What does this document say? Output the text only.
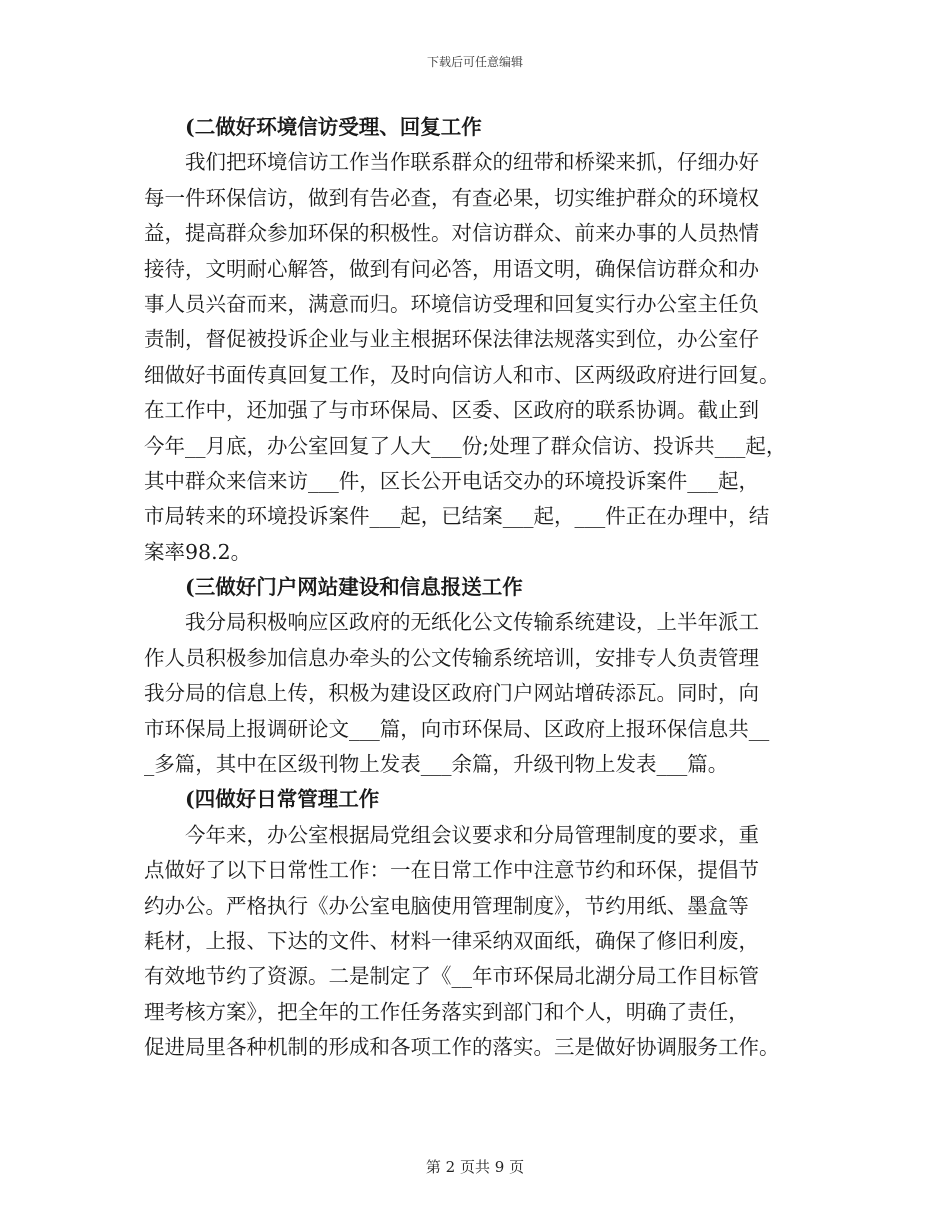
下载后可任意编辑
(二做好环境信访受理、回复工作
我们把环境信访工作当作联系群众的纽带和桥梁来抓，仔细办好
每一件环保信访，做到有告必查，有查必果，切实维护群众的环境权
益，提高群众参加环保的积极性。对信访群众、前来办事的人员热情
接待，文明耐心解答，做到有问必答，用语文明，确保信访群众和办
事人员兴奋而来，满意而归。环境信访受理和回复实行办公室主任负
责制，督促被投诉企业与业主根据环保法律法规落实到位，办公室仔
细做好书面传真回复工作，及时向信访人和市、区两级政府进行回复。
在工作中，还加强了与市环保局、区委、区政府的联系协调。截止到
今年__月底，办公室回复了人大___份;处理了群众信访、投诉共___起，
其中群众来信来访___件，区长公开电话交办的环境投诉案件___起，
市局转来的环境投诉案件___起，已结案___起，___件正在办理中，结
案率98.2。
(三做好门户网站建设和信息报送工作
我分局积极响应区政府的无纸化公文传输系统建设，上半年派工
作人员积极参加信息办牵头的公文传输系统培训，安排专人负责管理
我分局的信息上传，积极为建设区政府门户网站增砖添瓦。同时，向
市环保局上报调研论文___篇，向市环保局、区政府上报环保信息共__
_多篇，其中在区级刊物上发表___余篇，升级刊物上发表___篇。
(四做好日常管理工作
今年来，办公室根据局党组会议要求和分局管理制度的要求，重
点做好了以下日常性工作：一在日常工作中注意节约和环保，提倡节
约办公。严格执行《办公室电脑使用管理制度》，节约用纸、墨盒等
耗材，上报、下达的文件、材料一律采纳双面纸，确保了修旧利废，
有效地节约了资源。二是制定了《__年市环保局北湖分局工作目标管
理考核方案》，把全年的工作任务落实到部门和个人，明确了责任，
促进局里各种机制的形成和各项工作的落实。三是做好协调服务工作。
第 2 页共 9 页
